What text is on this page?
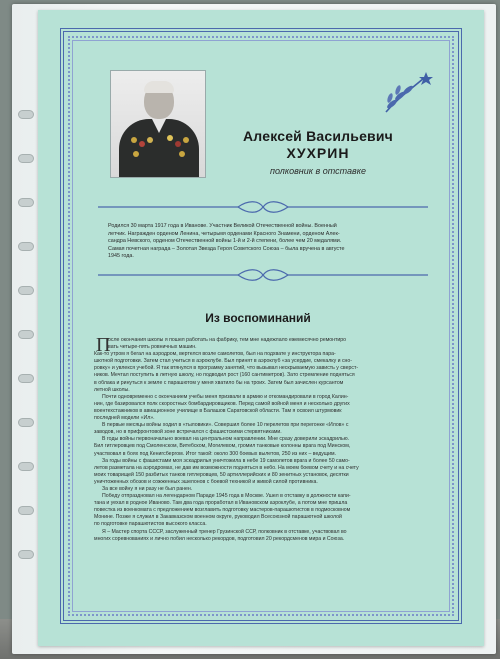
Алексей Васильевич
ХУХРИН
полковник в отставке
Родился 30 марта 1917 года в Иванове. Участник Великой Отечественной войны. Военный
летчик. Награжден орденом Ленина, четырьмя орденами Красного Знамени, орденом Алек-
сандра Невского, орденом Отечественной войны 1-й и 2-й степени, более чем 20 медалями.
Самая почетная награда – Золотая Звезда Героя Советского Союза – была вручена в августе
1945 года.
Из воспоминаний
П
осле окончания школы я пошел работать на фабрику, тем мне надежлало ежемесячно ремонтиро
вать четыре-пять ровничных машин.
Как-то утром я бегал на аэродром, вертелся возле самолетов, был на подхвате у инструктора пара-
шютной подготовки. Затем стал учиться в аэроклубе. Был принят в аэроклуб «за усердие, смекалку и сно-
ровку» и увлекся учебой. Я так втянулся в программу занятий, что вызывал нескрываемую зависть у сверст-
ников. Мечтал поступить в летную школу, но подводил рост (160 сантиметров). Зато стремление подняться
в облака и ринуться к земле с парашютом у меня хватило бы на троих. Затем был зачислен курсантом
летной школы.
Почти одновременно с окончанием учебы меня призвали в армию и откомандировали в город Калин-
нин, где базировался полк скоростных бомбардировщиков. Перед самой войной меня и несколько других
воентехстажников в авиационное училище в Балашов Саратовской области. Там я освоил штурмовик
последней модели «Ил».
В первые месяцы войны ходил в «тыловики». Совершил более 10 перелетов при перегонке «Илов» с
заводов, но в прифронтовой зоне встречался с фашистскими стервятниками.
В годы войны первоначально воевал на центральном направлении. Мне сразу доверили эскадрилью.
Бил гитлеровцев под Смоленском, Витебском, Могилевом, громил танковые колонны врага под Минском,
участвовал в боях под Кенигсбергом. Итог такой: около 300 боевых вылетов, 250 из них – ведущим.
За годы войны с фашистами моя эскадрилья уничтожила в небе 19 самолетов врага и более 50 само-
летов разметала на аэродромах, не дав им возможности подняться в небо. На моем боевом счету и на счету
моих товарищей 150 разбитых танков гитлеровцев, 50 артиллерийских и 80 зенитных установок, десятки
уничтоженных обозов и сожженных эшелонов с боевой техникой и живой силой противника.
За все войну я ни разу не был ранен.
Победу отпраздновал на легендарном Параде 1945 года в Москве. Ушел в отставку в должности капи-
тана и уехал в родное Иваново. Там два года проработал в Ивановском аэроклубе, а потом мне пришла
повестка из военкомата с предложением возглавить подготовку мастеров-парашютистов в подмосковном
Монине. Позже я служил в Закавказском военном округе, руководил Всесоюзной парашютной школой
по подготовке парашютистов высокого класса.
Я – Мастер спорта СССР, заслуженный тренер Грузинской ССР, полковник в отставке, участвовал во
многих соревнованиях и лично побил несколько рекордов, подготовил 20 рекордсменов мира и Союза.
